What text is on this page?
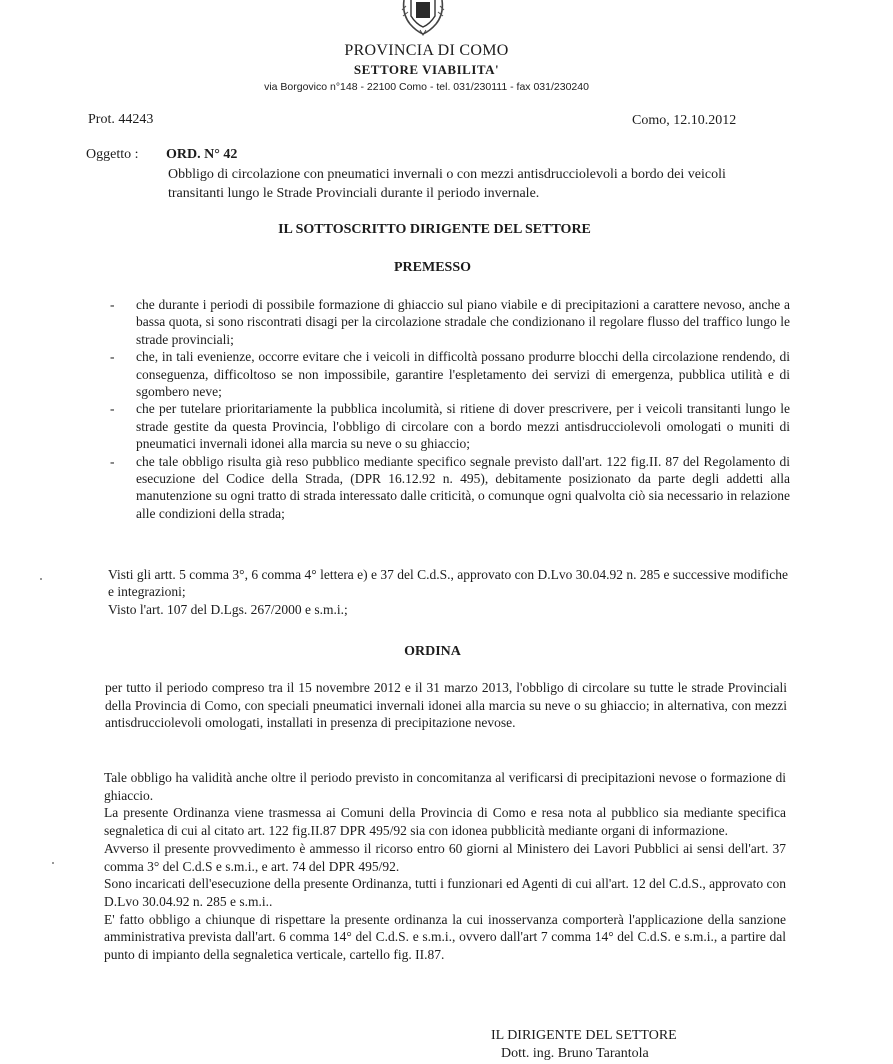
PROVINCIA DI COMO
SETTORE VIABILITA'
via Borgovico n°148 - 22100 Como - tel. 031/230111 - fax 031/230240
Prot. 44243	Como, 12.10.2012
Oggetto : ORD. N° 42
Obbligo di circolazione con pneumatici invernali o con mezzi antisdrucciolevoli a bordo dei veicoli transitanti lungo le Strade Provinciali durante il periodo invernale.
IL SOTTOSCRITTO DIRIGENTE DEL SETTORE
PREMESSO
- che durante i periodi di possibile formazione di ghiaccio sul piano viabile e di precipitazioni a carattere nevoso, anche a bassa quota, si sono riscontrati disagi per la circolazione stradale che condizionano il regolare flusso del traffico lungo le strade provinciali;
- che, in tali evenienze, occorre evitare che i veicoli in difficoltà possano produrre blocchi della circolazione rendendo, di conseguenza, difficoltoso se non impossibile, garantire l'espletamento dei servizi di emergenza, pubblica utilità e di sgombero neve;
- che per tutelare prioritariamente la pubblica incolumità, si ritiene di dover prescrivere, per i veicoli transitanti lungo le strade gestite da questa Provincia, l'obbligo di circolare con a bordo mezzi antisdrucciolevoli omologati o muniti di pneumatici invernali idonei alla marcia su neve o su ghiaccio;
- che tale obbligo risulta già reso pubblico mediante specifico segnale previsto dall'art. 122 fig.II. 87 del Regolamento di esecuzione del Codice della Strada, (DPR 16.12.92 n. 495), debitamente posizionato da parte degli addetti alla manutenzione su ogni tratto di strada interessato dalle criticità, o comunque ogni qualvolta ciò sia necessario in relazione alle condizioni della strada;

Visti gli artt. 5 comma 3°, 6 comma 4° lettera e) e 37 del C.d.S., approvato con D.Lvo 30.04.92 n. 285 e successive modifiche e integrazioni;

Visto l'art. 107 del D.Lgs. 267/2000 e s.m.i.;

ORDINA
per tutto il periodo compreso tra il 15 novembre 2012 e il 31 marzo 2013, l'obbligo di circolare su tutte le strade Provinciali della Provincia di Como, con speciali pneumatici invernali idonei alla marcia su neve o su ghiaccio; in alternativa, con mezzi antisdrucciolevoli omologati, installati in presenza di precipitazione nevose.

Tale obbligo ha validità anche oltre il periodo previsto in concomitanza al verificarsi di precipitazioni nevose o formazione di ghiaccio.

La presente Ordinanza viene trasmessa ai Comuni della Provincia di Como e resa nota al pubblico sia mediante specifica segnaletica di cui al citato art. 122 fig.II.87 DPR 495/92 sia con idonea pubblicità mediante organi di informazione.

Avverso il presente provvedimento è ammesso il ricorso entro 60 giorni al Ministero dei Lavori Pubblici ai sensi dell'art. 37 comma 3° del C.d.S e s.m.i., e art. 74 del DPR 495/92.

Sono incaricati dell'esecuzione della presente Ordinanza, tutti i funzionari ed Agenti di cui all'art. 12 del C.d.S., approvato con D.Lvo 30.04.92 n. 285 e s.m.i..

E' fatto obbligo a chiunque di rispettare la presente ordinanza la cui inosservanza comporterà l'applicazione della sanzione amministrativa prevista dall'art. 6 comma 14° del C.d.S. e s.m.i., ovvero dall'art 7 comma 14° del C.d.S. e s.m.i., a partire dal punto di impianto della segnaletica verticale, cartello fig. II.87.

IL DIRIGENTE DEL SETTORE
Dott. ing. Bruno Tarantola
